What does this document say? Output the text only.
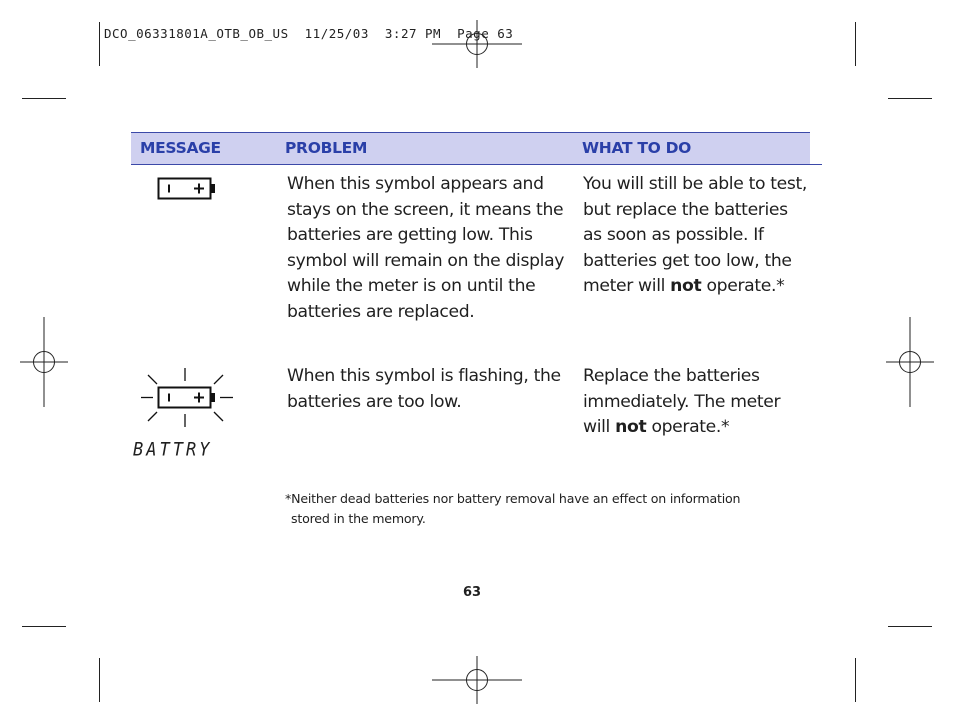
DCO_06331801A_OTB_OB_US  11/25/03  3:27 PM  Page 63
MESSAGE	PROBLEM	WHAT TO DO
When this symbol appears and
stays on the screen, it means the
batteries are getting low. This
symbol will remain on the display
while the meter is on until the
batteries are replaced.
You will still be able to test,
but replace the batteries
as soon as possible. If
batteries get too low, the
meter will not operate.*
BATTRY
When this symbol is flashing, the
batteries are too low.
Replace the batteries
immediately. The meter
will not operate.*
*Neither dead batteries nor battery removal have an effect on information
stored in the memory.
63
